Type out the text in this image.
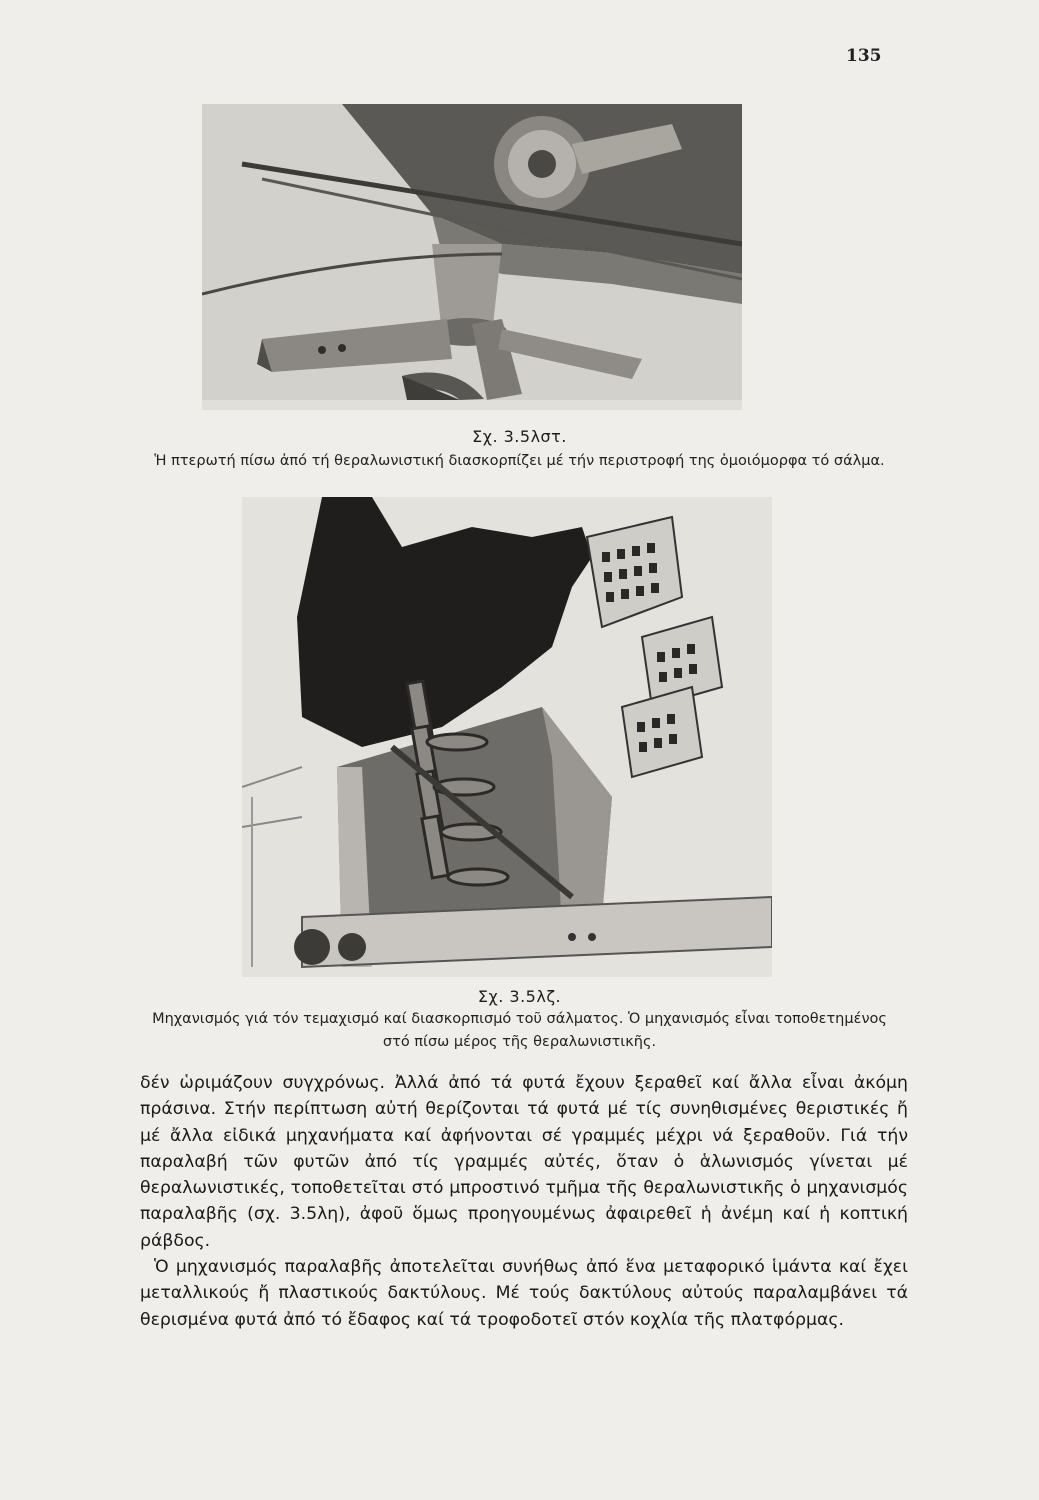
135
Σχ. 3.5λστ.
Ἡ πτερωτή πίσω ἀπό τή θεραλωνιστική διασκορπίζει μέ τήν περιστροφή της ὁμοιόμορφα τό σάλμα.
Σχ. 3.5λζ.
Μηχανισμός γιά τόν τεμαχισμό καί διασκορπισμό τοῦ σάλματος. Ὁ μηχανισμός εἶναι τοποθετημένος
στό πίσω μέρος τῆς θεραλωνιστικῆς.

δέν ὡριμάζουν συγχρόνως. Ἀλλά ἀπό τά φυτά ἔχουν ξεραθεῖ καί ἄλλα εἶναι ἀκόμη πράσινα. Στήν περίπτωση αὐτή θερίζονται τά φυτά μέ τίς συνηθισμένες θεριστικές ἤ μέ ἄλλα εἰδικά μηχανήματα καί ἀφήνονται σέ γραμμές μέχρι νά ξεραθοῦν. Γιά τήν παραλαβή τῶν φυτῶν ἀπό τίς γραμμές αὐτές, ὅταν ὁ ἁλωνισμός γίνεται μέ θεραλωνιστικές, τοποθετεῖται στό μπροστινό τμῆμα τῆς θεραλωνιστικῆς ὁ μηχανισμός παραλαβῆς (σχ. 3.5λη), ἀφοῦ ὅμως προηγουμένως ἀφαιρεθεῖ ἡ ἀνέμη καί ἡ κοπτική ράβδος.

Ὁ μηχανισμός παραλαβῆς ἀποτελεῖται συνήθως ἀπό ἕνα μεταφορικό ἱμάντα καί ἔχει μεταλλικούς ἤ πλαστικούς δακτύλους. Μέ τούς δακτύλους αὐτούς παραλαμβάνει τά θερισμένα φυτά ἀπό τό ἔδαφος καί τά τροφοδοτεῖ στόν κοχλία τῆς πλατφόρμας.
